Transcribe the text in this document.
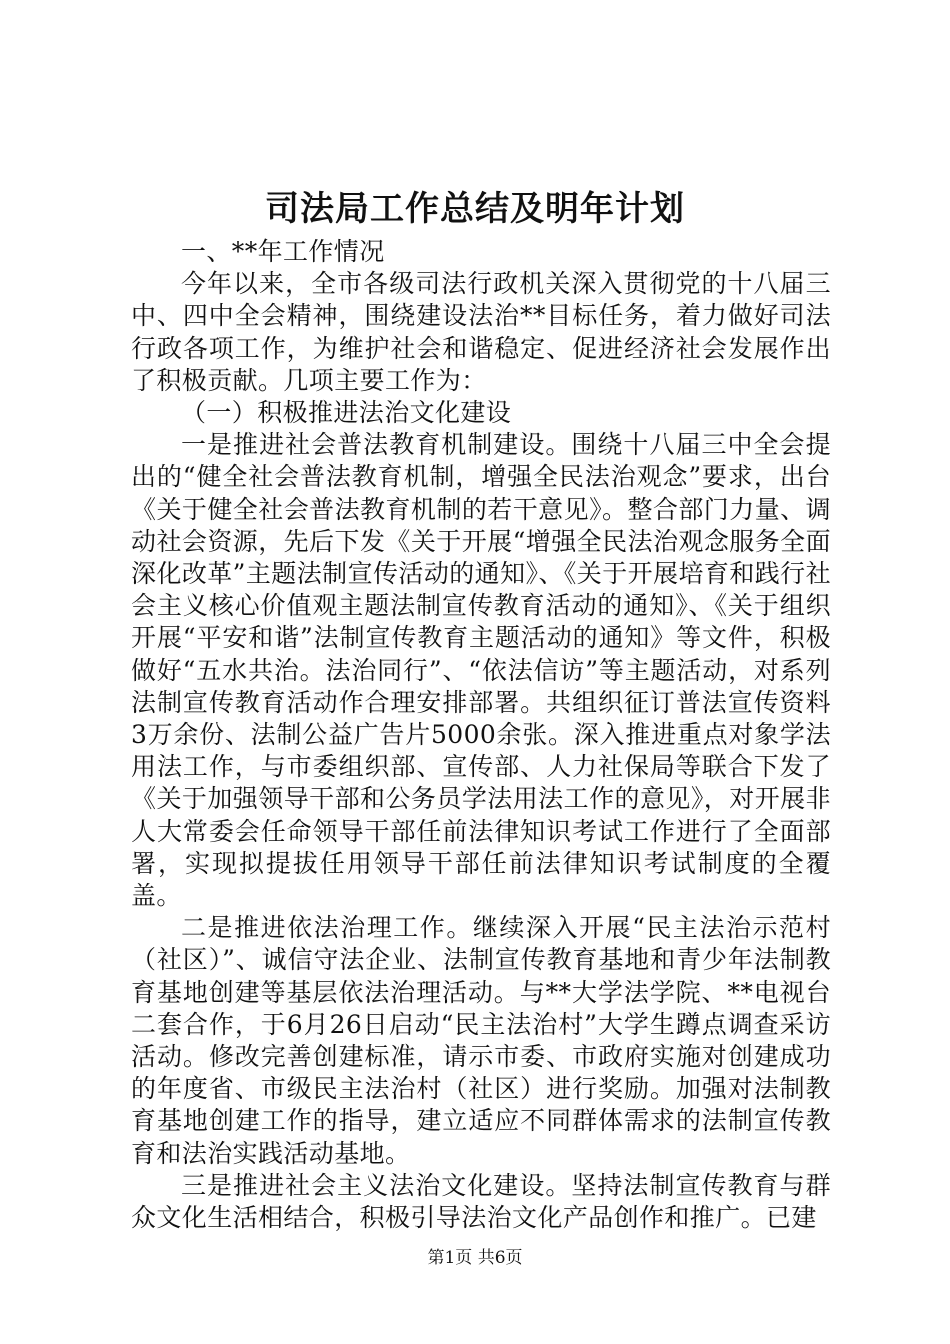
司法局工作总结及明年计划

一、**年工作情况

今年以来，全市各级司法行政机关深入贯彻党的十八届三中、四中全会精神，围绕建设法治**目标任务，着力做好司法行政各项工作，为维护社会和谐稳定、促进经济社会发展作出了积极贡献。几项主要工作为：

（一）积极推进法治文化建设

一是推进社会普法教育机制建设。围绕十八届三中全会提出的“健全社会普法教育机制，增强全民法治观念”要求，出台《关于健全社会普法教育机制的若干意见》。整合部门力量、调动社会资源，先后下发《关于开展“增强全民法治观念服务全面深化改革”主题法制宣传活动的通知》、《关于开展培育和践行社会主义核心价值观主题法制宣传教育活动的通知》、《关于组织开展“平安和谐”法制宣传教育主题活动的通知》等文件，积极做好“五水共治。法治同行”、“依法信访”等主题活动，对系列法制宣传教育活动作合理安排部署。共组织征订普法宣传资料3万余份、法制公益广告片5000余张。深入推进重点对象学法用法工作，与市委组织部、宣传部、人力社保局等联合下发了《关于加强领导干部和公务员学法用法工作的意见》，对开展非人大常委会任命领导干部任前法律知识考试工作进行了全面部署，实现拟提拔任用领导干部任前法律知识考试制度的全覆盖。

二是推进依法治理工作。继续深入开展“民主法治示范村（社区）”、诚信守法企业、法制宣传教育基地和青少年法制教育基地创建等基层依法治理活动。与**大学法学院、**电视台二套合作，于6月26日启动“民主法治村”大学生蹲点调查采访活动。修改完善创建标准，请示市委、市政府实施对创建成功的年度省、市级民主法治村（社区）进行奖励。加强对法制教育基地创建工作的指导，建立适应不同群体需求的法制宣传教育和法治实践活动基地。

三是推进社会主义法治文化建设。坚持法制宣传教育与群众文化生活相结合，积极引导法治文化产品创作和推广。已建

第1页 共6页
